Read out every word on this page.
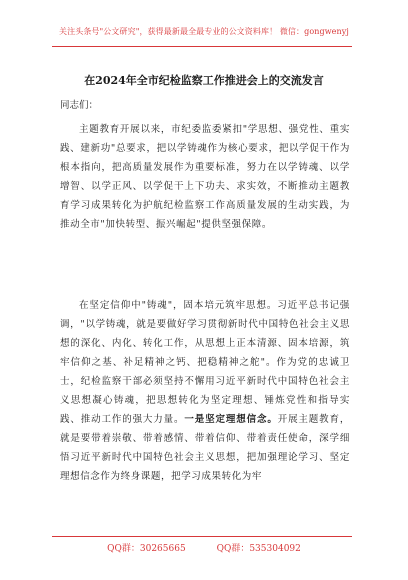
关注头条号"公文研究"，获得最新最全最专业的公文资料库！ 微信：gongwenyj
在2024年全市纪检监察工作推进会上的交流发言
同志们：

主题教育开展以来，市纪委监委紧扣"学思想、强党性、重实践、建新功"总要求，把以学铸魂作为核心要求，把以学促干作为根本指向，把高质量发展作为重要标准，努力在以学铸魂、以学增智、以学正风、以学促干上下功夫、求实效，不断推动主题教育学习成果转化为护航纪检监察工作高质量发展的生动实践，为推动全市"加快转型、振兴崛起"提供坚强保障。

在坚定信仰中"铸魂"，固本培元筑牢思想。习近平总书记强调，"以学铸魂，就是要做好学习贯彻新时代中国特色社会主义思想的深化、内化、转化工作，从思想上正本清源、固本培源，筑牢信仰之基、补足精神之钙、把稳精神之舵"。作为党的忠诚卫士，纪检监察干部必须坚持不懈用习近平新时代中国特色社会主义思想凝心铸魂，把思想转化为坚定理想、锤炼党性和指导实践、推动工作的强大力量。一是坚定理想信念。开展主题教育，就是要带着崇敬、带着感情、带着信仰、带着责任使命，深学细悟习近平新时代中国特色社会主义思想，把加强理论学习、坚定理想信念作为终身课题，把学习成果转化为牢

QQ群：30265665	QQ群：535304092
